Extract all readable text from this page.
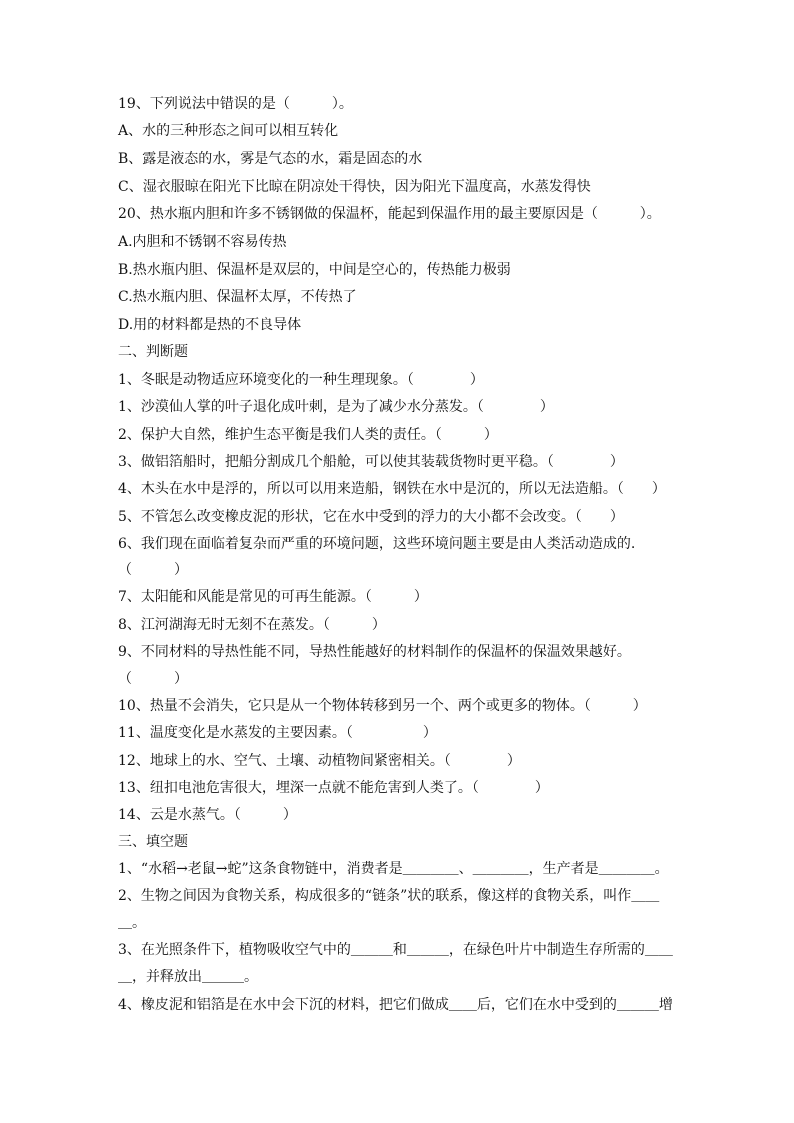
19、下列说法中错误的是（　　　）。
A、水的三种形态之间可以相互转化
B、露是液态的水，雾是气态的水，霜是固态的水
C、湿衣服晾在阳光下比晾在阴凉处干得快，因为阳光下温度高，水蒸发得快
20、热水瓶内胆和许多不锈钢做的保温杯，能起到保温作用的最主要原因是（　　　）。
A.内胆和不锈钢不容易传热
B.热水瓶内胆、保温杯是双层的，中间是空心的，传热能力极弱
C.热水瓶内胆、保温杯太厚，不传热了
D.用的材料都是热的不良导体
二、判断题
1、冬眠是动物适应环境变化的一种生理现象。（　　　　）
1、沙漠仙人掌的叶子退化成叶刺，是为了减少水分蒸发。（　　　　）
2、保护大自然，维护生态平衡是我们人类的责任。（　　　）
3、做铝箔船时，把船分割成几个船舱，可以使其装载货物时更平稳。（　　　　）
4、木头在水中是浮的，所以可以用来造船，钢铁在水中是沉的，所以无法造船。（　　）
5、不管怎么改变橡皮泥的形状，它在水中受到的浮力的大小都不会改变。（　　）
6、我们现在面临着复杂而严重的环境问题，这些环境问题主要是由人类活动造成的.
（　　　）
7、太阳能和风能是常见的可再生能源。（　　　）
8、江河湖海无时无刻不在蒸发。（　　　）
9、不同材料的导热性能不同，导热性能越好的材料制作的保温杯的保温效果越好。
（　　　）
10、热量不会消失，它只是从一个物体转移到另一个、两个或更多的物体。（　　　）
11、温度变化是水蒸发的主要因素。（　　　　　）
12、地球上的水、空气、土壤、动植物间紧密相关。（　　　　）
13、纽扣电池危害很大，埋深一点就不能危害到人类了。（　　　　）
14、云是水蒸气。（　　　）
三、填空题
1、“水稻→老鼠→蛇”这条食物链中，消费者是＿＿＿＿、＿＿＿＿，生产者是＿＿＿＿。
2、生物之间因为食物关系，构成很多的“链条”状的联系，像这样的食物关系，叫作＿＿
＿。
3、在光照条件下，植物吸收空气中的＿＿＿和＿＿＿，在绿色叶片中制造生存所需的＿＿
＿，并释放出＿＿＿。
4、橡皮泥和铝箔是在水中会下沉的材料，把它们做成＿＿后，它们在水中受到的＿＿＿增
